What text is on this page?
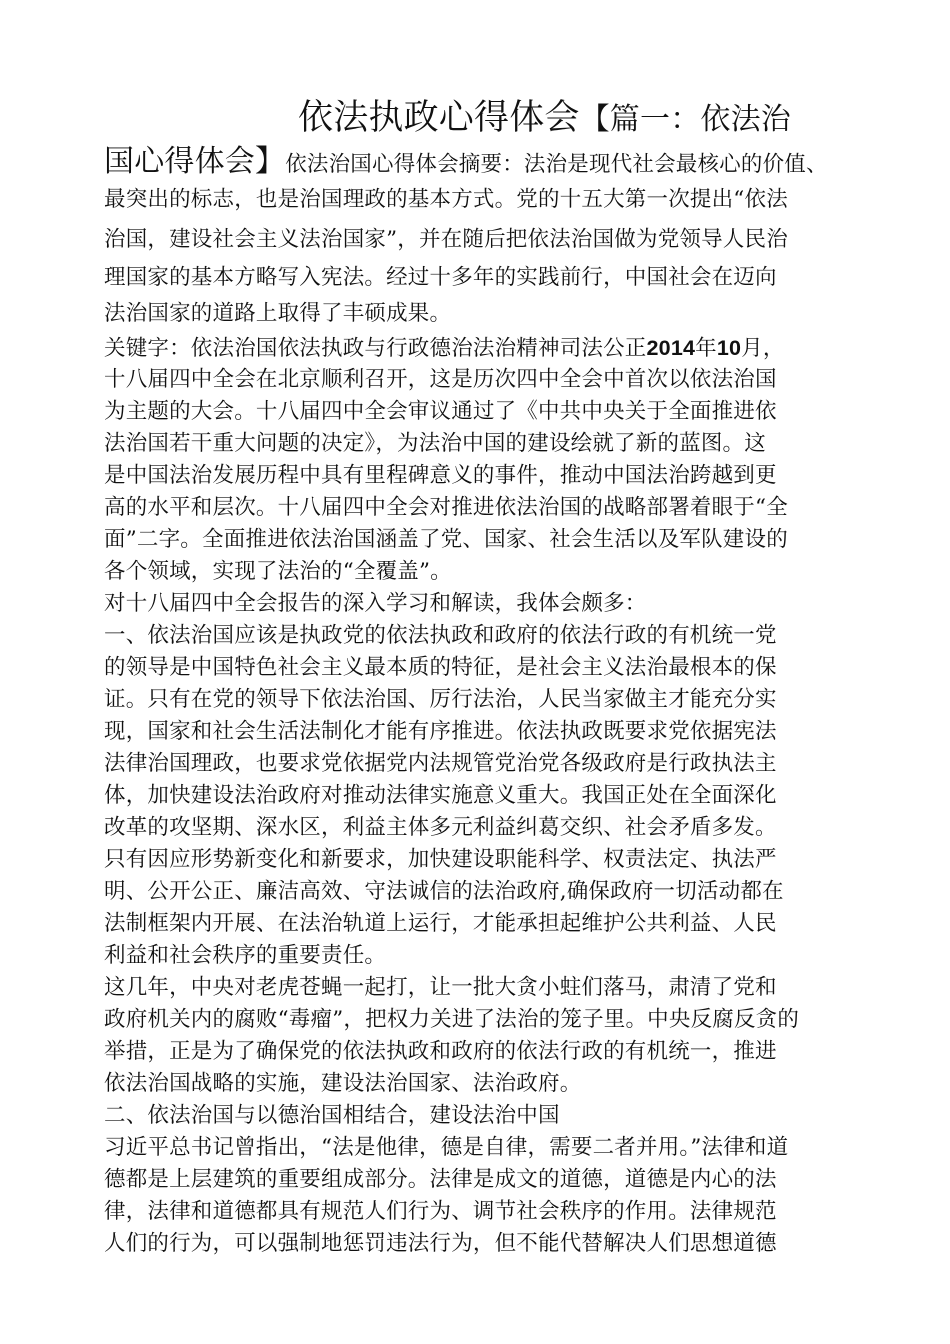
依法执政心得体会【篇一：依法治
国心得体会】依法治国心得体会摘要：法治是现代社会最核心的价值、
最突出的标志，也是治国理政的基本方式。党的十五大第一次提出“依法
治国，建设社会主义法治国家”，并在随后把依法治国做为党领导人民治
理国家的基本方略写入宪法。经过十多年的实践前行，中国社会在迈向
法治国家的道路上取得了丰硕成果。
关键字：依法治国依法执政与行政德治法治精神司法公正2014年10月，
十八届四中全会在北京顺利召开，这是历次四中全会中首次以依法治国
为主题的大会。十八届四中全会审议通过了《中共中央关于全面推进依
法治国若干重大问题的决定》，为法治中国的建设绘就了新的蓝图。这
是中国法治发展历程中具有里程碑意义的事件，推动中国法治跨越到更
高的水平和层次。十八届四中全会对推进依法治国的战略部署着眼于“全
面”二字。全面推进依法治国涵盖了党、国家、社会生活以及军队建设的
各个领域，实现了法治的“全覆盖”。
对十八届四中全会报告的深入学习和解读，我体会颇多：
一、依法治国应该是执政党的依法执政和政府的依法行政的有机统一党
的领导是中国特色社会主义最本质的特征，是社会主义法治最根本的保
证。只有在党的领导下依法治国、厉行法治，人民当家做主才能充分实
现，国家和社会生活法制化才能有序推进。依法执政既要求党依据宪法
法律治国理政，也要求党依据党内法规管党治党各级政府是行政执法主
体，加快建设法治政府对推动法律实施意义重大。我国正处在全面深化
改革的攻坚期、深水区，利益主体多元利益纠葛交织、社会矛盾多发。
只有因应形势新变化和新要求，加快建设职能科学、权责法定、执法严
明、公开公正、廉洁高效、守法诚信的法治政府,确保政府一切活动都在
法制框架内开展、在法治轨道上运行，才能承担起维护公共利益、人民
利益和社会秩序的重要责任。
这几年，中央对老虎苍蝇一起打，让一批大贪小蛀们落马，肃清了党和
政府机关内的腐败“毒瘤”，把权力关进了法治的笼子里。中央反腐反贪的
举措，正是为了确保党的依法执政和政府的依法行政的有机统一，推进
依法治国战略的实施，建设法治国家、法治政府。
二、依法治国与以德治国相结合，建设法治中国
习近平总书记曾指出，“法是他律，德是自律，需要二者并用。”法律和道
德都是上层建筑的重要组成部分。法律是成文的道德，道德是内心的法
律，法律和道德都具有规范人们行为、调节社会秩序的作用。法律规范
人们的行为，可以强制地惩罚违法行为，但不能代替解决人们思想道德
